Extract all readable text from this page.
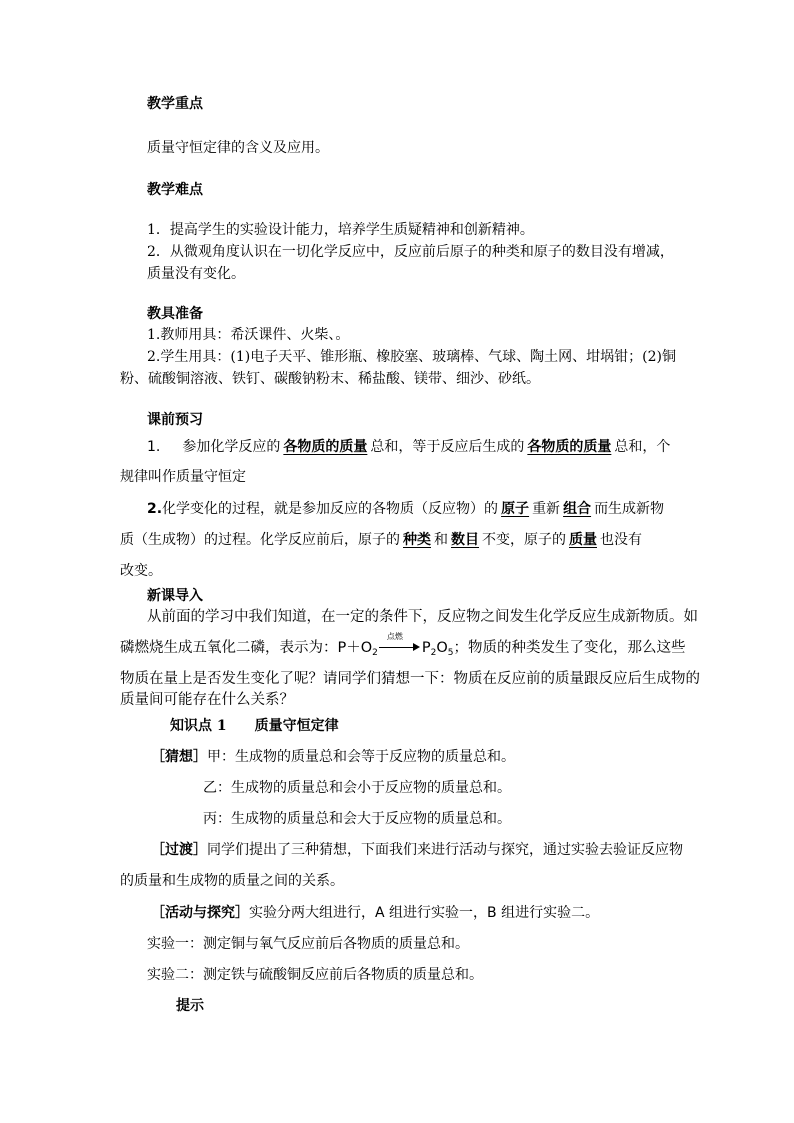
教学重点
质量守恒定律的含义及应用。
教学难点
1．提高学生的实验设计能力，培养学生质疑精神和创新精神。
2．从微观角度认识在一切化学反应中，反应前后原子的种类和原子的数目没有增减，
质量没有变化。
教具准备
1.教师用具：希沃课件、火柴、。
2.学生用具：(1)电子天平、锥形瓶、橡胶塞、玻璃棒、气球、陶土网、坩埚钳；(2)铜
粉、硫酸铜溶液、铁钉、碳酸钠粉末、稀盐酸、镁带、细沙、砂纸。
课前预习
1. 参加化学反应的 各物质的质量 总和，等于反应后生成的 各物质的质量 总和，个
规律叫作质量守恒定
2.化学变化的过程，就是参加反应的各物质（反应物）的 原子 重新 组合 而生成新物
质（生成物）的过程。化学反应前后，原子的 种类 和 数目 不变，原子的 质量 也没有
改变。
新课导入
从前面的学习中我们知道，在一定的条件下，反应物之间发生化学反应生成新物质。如
磷燃烧生成五氧化二磷，表示为：$P+O_2$
点燃
$P_2O_5$；物质的种类发生了变化，那么这些
物质在量上是否发生变化了呢？请同学们猜想一下：物质在反应前的质量跟反应后生成物的
质量间可能存在什么关系？
知识点 1　　质量守恒定律
［猜想］甲：生成物的质量总和会等于反应物的质量总和。
乙：生成物的质量总和会小于反应物的质量总和。
丙：生成物的质量总和会大于反应物的质量总和。
［过渡］同学们提出了三种猜想，下面我们来进行活动与探究，通过实验去验证反应物
的质量和生成物的质量之间的关系。
［活动与探究］实验分两大组进行，A 组进行实验一，B 组进行实验二。
实验一：测定铜与氧气反应前后各物质的质量总和。
实验二：测定铁与硫酸铜反应前后各物质的质量总和。
提示
